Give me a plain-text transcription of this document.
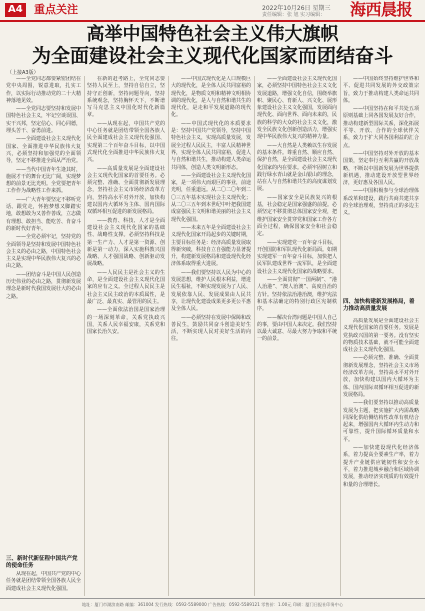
A4 重点关注	2022年10月26日 星期三
责任编辑：张 旭 实习编辑： 海西晨报
高举中国特色社会主义伟大旗帜
为全面建设社会主义现代化国家而团结奋斗
（上接A3版）

——全党同志都要紧密团结在党中央周围，锐意进取，扎实工作，以实际行动推动党的二十大精神落地见效。

——全党同志要坚持和发展中国特色社会主义，牢记空谈误国、实干兴邦，坚定信心、同心同德，埋头苦干、奋勇前进。

——全面建设社会主义现代化国家、全面推进中华民族伟大复兴，必须坚持和加强党的全面领导，坚定不移推进全面从严治党。

——当代中国青年生逢其时，施展才干的舞台无比广阔，实现梦想的前景无比光明。全党要把青年工作作为战略性工作来抓。

——广大青年要坚定不移听党话、跟党走，怀抱梦想又脚踏实地，敢想敢为又善作善成，立志做有理想、敢担当、能吃苦、肯奋斗的新时代好青年。

——全党必须牢记，坚持党的全面领导是坚持和发展中国特色社会主义的必由之路，中国特色社会主义是实现中华民族伟大复兴的必由之路。

——团结奋斗是中国人民创造历史伟业的必由之路，贯彻新发展理念是新时代我国发展壮大的必由之路。

三、新时代新征程中国共产党的使命任务

从现在起，中国共产党的中心任务就是团结带领全国各族人民全面建成社会主义现代化强国。

在新的赶考路上，全党同志要坚持人民至上，坚持自信自立，坚持守正创新，坚持问题导向，坚持系统观念，坚持胸怀天下，不断谱写马克思主义中国化时代化新篇章。

——从现在起，中国共产党的中心任务就是团结带领全国各族人民全面建成社会主义现代化强国、实现第二个百年奋斗目标，以中国式现代化全面推进中华民族伟大复兴。

——高质量发展是全面建设社会主义现代化国家的首要任务。必须完整、准确、全面贯彻新发展理念，坚持社会主义市场经济改革方向，坚持高水平对外开放，加快构建以国内大循环为主体、国内国际双循环相互促进的新发展格局。

——教育、科技、人才是全面建设社会主义现代化国家的基础性、战略性支撑。必须坚持科技是第一生产力、人才是第一资源、创新是第一动力，深入实施科教兴国战略、人才强国战略、创新驱动发展战略。

——人民民主是社会主义的生命，是全面建设社会主义现代化国家的应有之义。全过程人民民主是社会主义民主政治的本质属性，是最广泛、最真实、最管用的民主。

——全面依法治国是国家治理的一场深刻革命，关系党执政兴国，关系人民幸福安康，关系党和国家长治久安。

——中国式现代化是人口规模巨大的现代化，是全体人民共同富裕的现代化，是物质文明和精神文明相协调的现代化，是人与自然和谐共生的现代化，是走和平发展道路的现代化。

——中国式现代化的本质要求是：坚持中国共产党领导，坚持中国特色社会主义，实现高质量发展，发展全过程人民民主，丰富人民精神世界，实现全体人民共同富裕，促进人与自然和谐共生，推动构建人类命运共同体，创造人类文明新形态。

——全面建设社会主义现代化国家，是一项伟大而艰巨的事业，前途光明，任重道远。从二〇二〇年到二〇三五年基本实现社会主义现代化；从二〇三五年到本世纪中叶把我国建成富强民主文明和谐美丽的社会主义现代化强国。

——未来五年是全面建设社会主义现代化国家开局起步的关键时期，主要目标任务是：经济高质量发展取得新突破，科技自立自强能力显著提升，构建新发展格局和建设现代化经济体系取得重大进展。

——我们要坚持以人民为中心的发展思想，维护人民根本利益，增进民生福祉，不断实现发展为了人民、发展依靠人民、发展成果由人民共享，让现代化建设成果更多更公平惠及全体人民。

——必须坚持在发展中保障和改善民生，鼓励共同奋斗创造美好生活，不断实现人民对美好生活的向往。

——全面建设社会主义现代化国家，必须坚持中国特色社会主义文化发展道路，增强文化自信，围绕举旗帜、聚民心、育新人、兴文化、展形象建设社会主义文化强国，发展面向现代化、面向世界、面向未来的，民族的科学的大众的社会主义文化，激发全民族文化创新创造活力，增强实现中华民族伟大复兴的精神力量。

——大自然是人类赖以生存发展的基本条件。尊重自然、顺应自然、保护自然，是全面建设社会主义现代化国家的内在要求。必须牢固树立和践行绿水青山就是金山银山的理念，站在人与自然和谐共生的高度谋划发展。

——国家安全是民族复兴的根基，社会稳定是国家强盛的前提。必须坚定不移贯彻总体国家安全观，把维护国家安全贯穿党和国家工作各方面全过程，确保国家安全和社会稳定。

——实现建党一百年奋斗目标，开创国防和军队现代化新局面。如期实现建军一百年奋斗目标，加快把人民军队建成世界一流军队，是全面建设社会主义现代化国家的战略要求。

——全面贯彻“一国两制”、“港人治港”、“澳人治澳”、高度自治的方针。坚持依法治港治澳，维护宪法和基本法确定的特别行政区宪制秩序。

——解决台湾问题是中国人自己的事，要由中国人来决定。我们坚持以最大诚意、尽最大努力争取和平统一的前景。

——中国始终坚持维护世界和平、促进共同发展的外交政策宗旨，致力于推动构建人类命运共同体。

——中国坚持在和平共处五项原则基础上同各国发展友好合作，推动构建新型国际关系，深化拓展平等、开放、合作的全球伙伴关系，致力于扩大同各国利益的汇合点。

——中国坚持对外开放的基本国策，坚定奉行互利共赢的开放战略，不断以中国新发展为世界提供新机遇，推动建设开放型世界经济，更好惠及各国人民。

——中国积极参与全球治理体系改革和建设，践行共商共建共享的全球治理观，坚持真正的多边主义。

四、加快构建新发展格局，着力推动高质量发展

高质量发展是全面建设社会主义现代化国家的首要任务。发展是党执政兴国的第一要务。没有坚实的物质技术基础，就不可能全面建成社会主义现代化强国。

——必须完整、准确、全面贯彻新发展理念，坚持社会主义市场经济改革方向，坚持高水平对外开放，加快构建以国内大循环为主体、国内国际双循环相互促进的新发展格局。

——我们要坚持以推动高质量发展为主题，把实施扩大内需战略同深化供给侧结构性改革有机结合起来，增强国内大循环内生动力和可靠性，提升国际循环质量和水平。

——加快建设现代化经济体系，着力提高全要素生产率，着力提升产业链供应链韧性和安全水平，着力推进城乡融合和区域协调发展，推动经济实现质的有效提升和量的合理增长。

地址：厦门市湖滨南路 邮编：361004 发行热线：0592-5589000 广告热线：0592-5589121 零售价：1.00元 印刷：厦门日报社印务中心
